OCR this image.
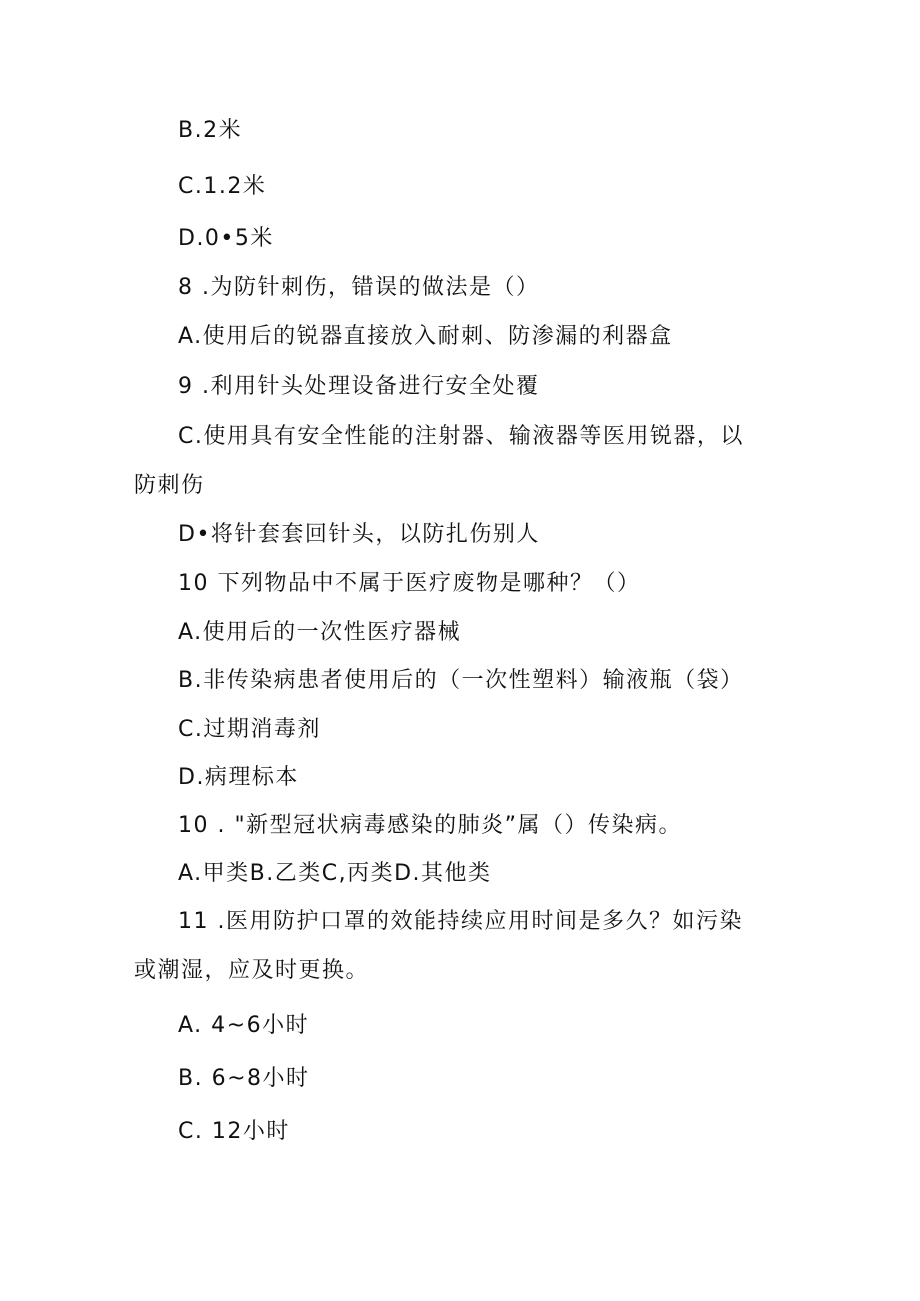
B.2米

C.1.2米

D.0•5米

8 .为防针刺伤，错误的做法是（）

A.使用后的锐器直接放入耐刺、防渗漏的利器盒

9 .利用针头处理设备进行安全处覆

C.使用具有安全性能的注射器、输液器等医用锐器，以

防刺伤

D•将针套套回针头，以防扎伤别人

10 下列物品中不属于医疗废物是哪种？（）

A.使用后的一次性医疗器械

B.非传染病患者使用后的（一次性塑料）输液瓶（袋）

C.过期消毒剂

D.病理标本

10 . "新型冠状病毒感染的肺炎”属（）传染病。

A.甲类B.乙类C,丙类D.其他类

11 .医用防护口罩的效能持续应用时间是多久？如污染

或潮湿，应及时更换。

A. 4~6小时

B. 6~8小时

C. 12小时
